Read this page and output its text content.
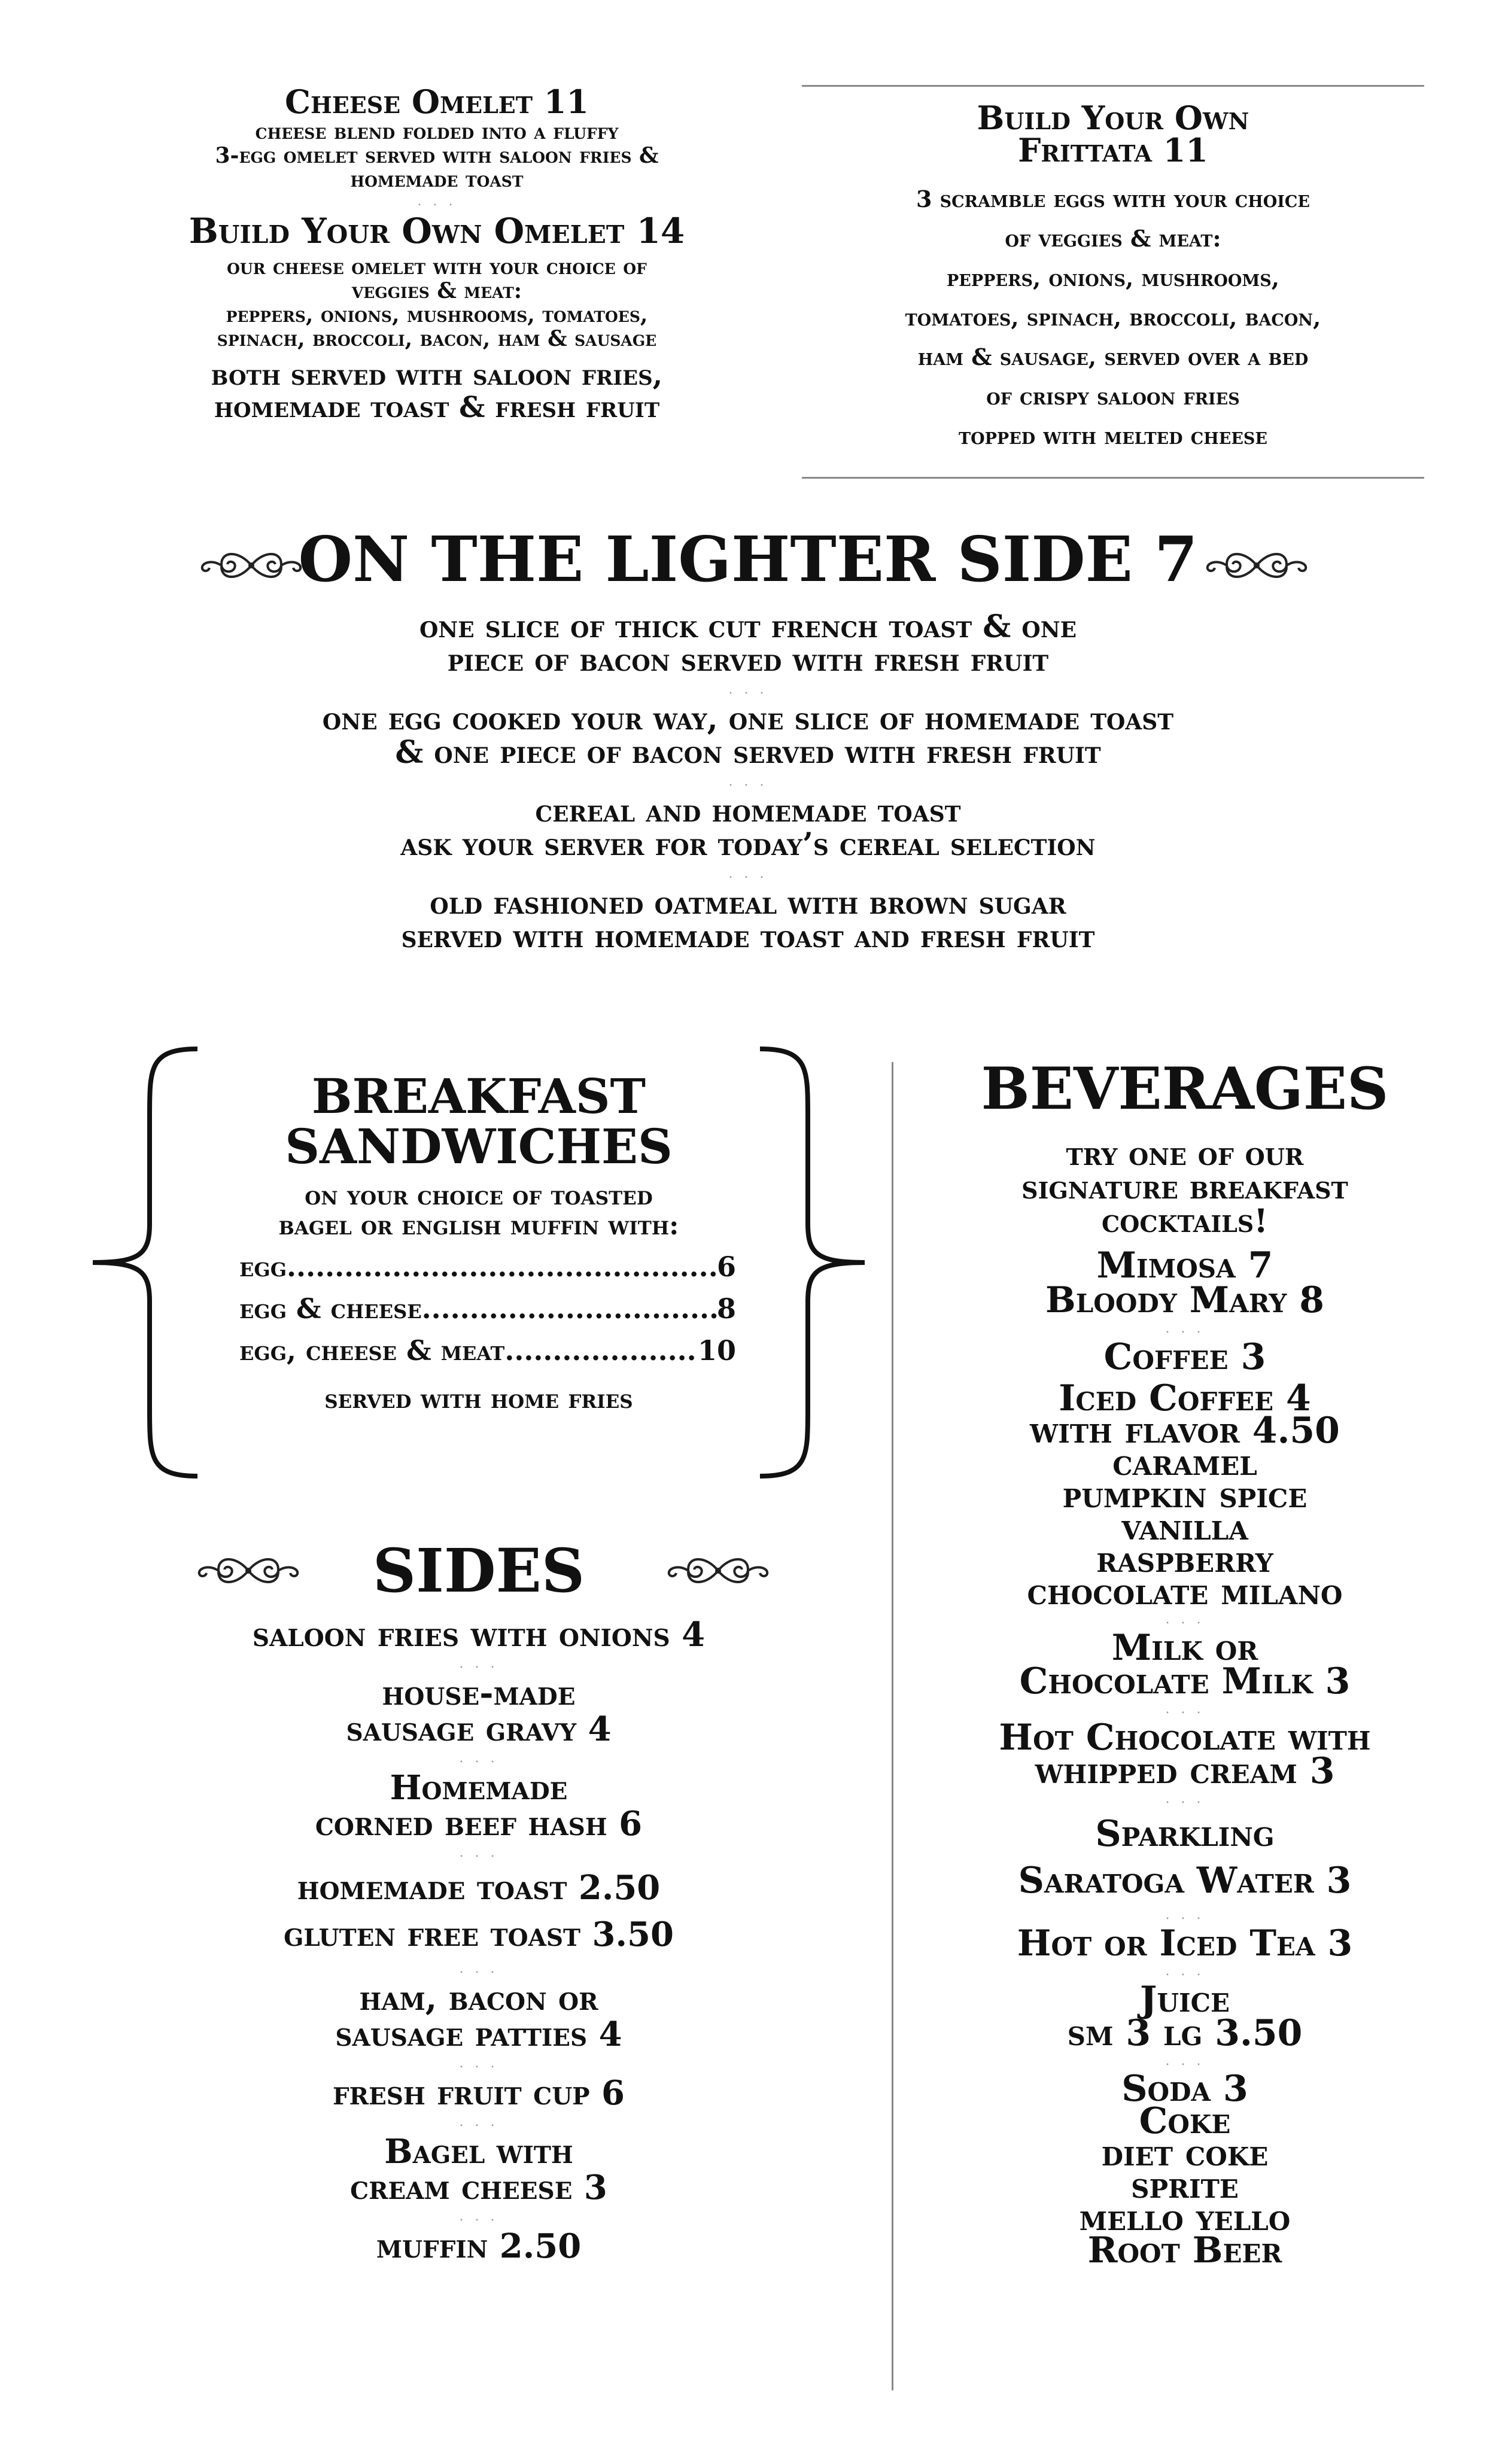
Cheese Omelet 11
cheese blend folded into a fluffy
3-egg omelet served with saloon fries &
homemade toast
. . .
Build Your Own Omelet 14
our cheese omelet with your choice of
veggies & meat:
peppers, onions, mushrooms, tomatoes,
spinach, broccoli, bacon, ham & sausage
both served with saloon fries,
homemade toast & fresh fruit
Build Your Own
Frittata 11
3 scramble eggs with your choice
of veggies & meat:
peppers, onions, mushrooms,
tomatoes, spinach, broccoli, bacon,
ham & sausage, served over a bed
of crispy saloon fries
topped with melted cheese
ON THE LIGHTER SIDE 7
one slice of thick cut french toast & one
piece of bacon served with fresh fruit
. . .
one egg cooked your way, one slice of homemade toast
& one piece of bacon served with fresh fruit
. . .
cereal and homemade toast
ask your server for today’s cereal selection
. . .
old fashioned oatmeal with brown sugar
served with homemade toast and fresh fruit
BREAKFAST
SANDWICHES
on your choice of toasted
bagel or english muffin with:
egg .....	6
egg & cheese .....	8
egg, cheese & meat .....	10
served with home fries
SIDES
saloon fries with onions 4
. . .
house-made
sausage gravy 4
. . .
Homemade
corned beef hash 6
. . .
homemade toast 2.50
gluten free toast 3.50
. . .
ham, bacon or
sausage patties 4
. . .
fresh fruit cup 6
. . .
Bagel with
cream cheese 3
. . .
muffin 2.50
BEVERAGES
try one of our
signature breakfast
cocktails!
Mimosa 7
Bloody Mary 8
. . .
Coffee 3
Iced Coffee 4
with flavor 4.50
caramel
pumpkin spice
vanilla
raspberry
chocolate milano
. . .
Milk or
Chocolate Milk 3
. . .
Hot Chocolate with
whipped cream 3
. . .
Sparkling
Saratoga Water 3
. . .
Hot or Iced Tea 3
. . .
Juice
sm 3 lg 3.50
. . .
Soda 3
Coke
diet coke
sprite
mello yello
Root Beer
